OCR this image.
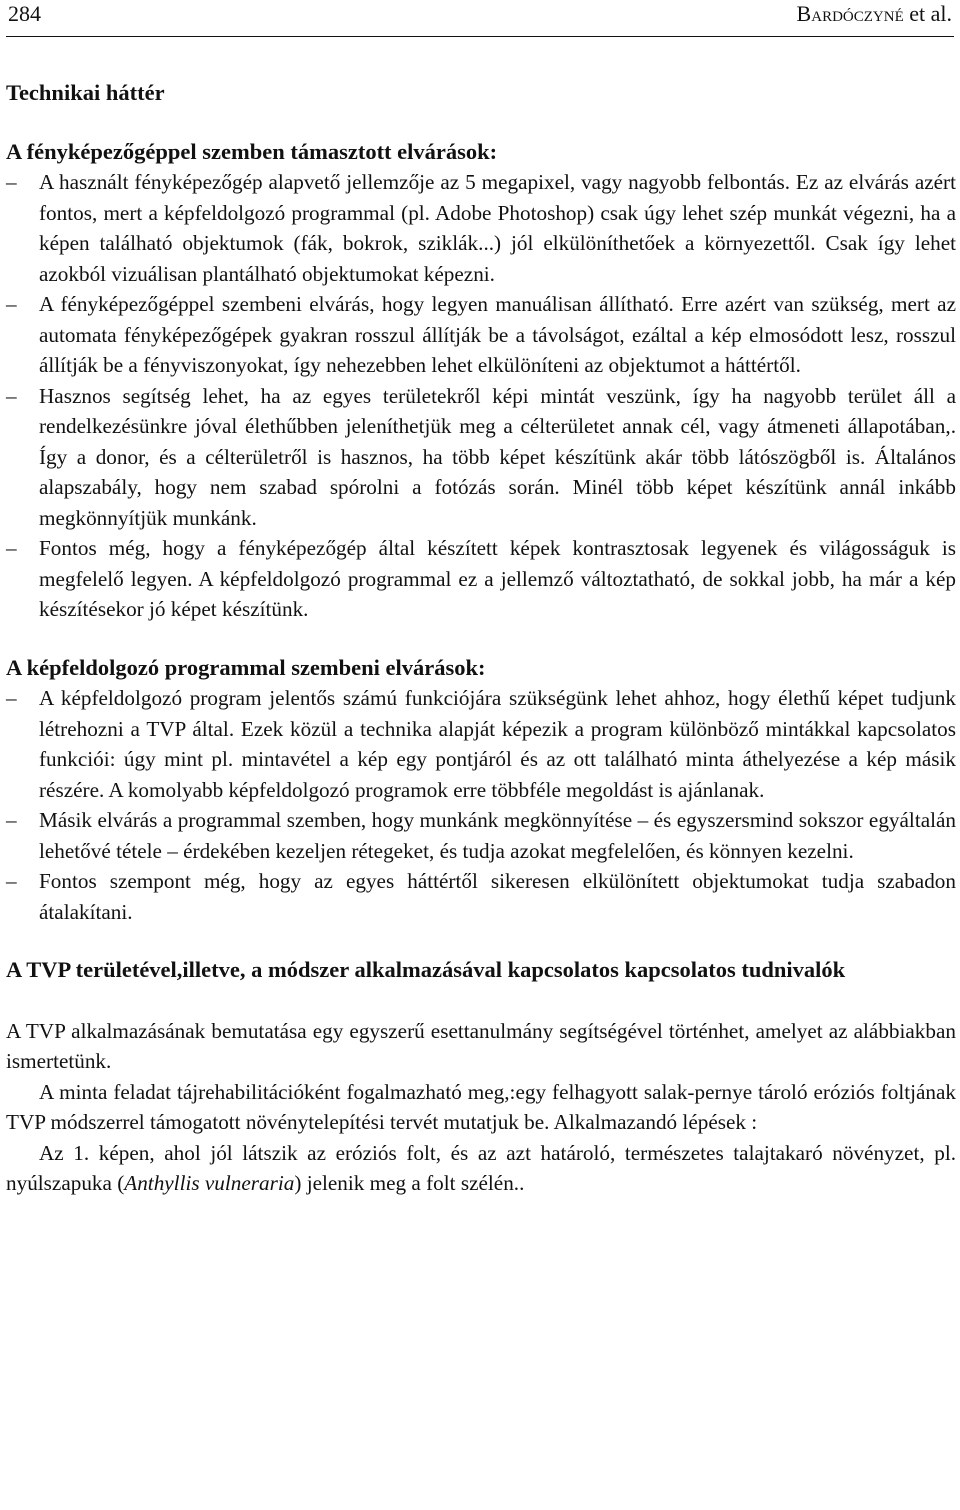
284	Bardóczyné et al.
Technikai háttér
A fényképezőgéppel szemben támasztott elvárások:
– A használt fényképezőgép alapvető jellemzője az 5 megapixel, vagy nagyobb felbontás. Ez az elvárás azért fontos, mert a képfeldolgozó programmal (pl. Adobe Photoshop) csak úgy lehet szép munkát végezni, ha a képen található objektumok (fák, bokrok, sziklák...) jól elkülöníthetőek a környezettől. Csak így lehet azokból vizuálisan plantálható objektumokat képezni.
– A fényképezőgéppel szembeni elvárás, hogy legyen manuálisan állítható. Erre azért van szükség, mert az automata fényképezőgépek gyakran rosszul állítják be a távolságot, ezáltal a kép elmosódott lesz, rosszul állítják be a fényviszonyokat, így nehezebben lehet elkülöníteni az objektumot a háttértől.
– Hasznos segítség lehet, ha az egyes területekről képi mintát veszünk, így ha nagyobb terület áll a rendelkezésünkre jóval élethűbben jeleníthetjük meg a célterületet annak cél, vagy átmeneti állapotában,. Így a donor, és a célterületről is hasznos, ha több képet készítünk akár több látószögből is. Általános alapszabály, hogy nem szabad spórolni a fotózás során. Minél több képet készítünk annál inkább megkönnyítjük munkánk.
– Fontos még, hogy a fényképezőgép által készített képek kontrasztosak legyenek és világosságuk is megfelelő legyen. A képfeldolgozó programmal ez a jellemző változtatható, de sokkal jobb, ha már a kép készítésekor jó képet készítünk.
A képfeldolgozó programmal szembeni elvárások:
– A képfeldolgozó program jelentős számú funkciójára szükségünk lehet ahhoz, hogy élethű képet tudjunk létrehozni a TVP által. Ezek közül a technika alapját képezik a program különböző mintákkal kapcsolatos funkciói: úgy mint pl. mintavétel a kép egy pontjáról és az ott található minta áthelyezése a kép másik részére. A komolyabb képfeldolgozó programok erre többféle megoldást is ajánlanak.
– Másik elvárás a programmal szemben, hogy munkánk megkönnyítése – és egyszersmind sokszor egyáltalán lehetővé tétele – érdekében kezeljen rétegeket, és tudja azokat megfelelően, és könnyen kezelni.
– Fontos szempont még, hogy az egyes háttértől sikeresen elkülönített objektumokat tudja szabadon átalakítani.
A TVP területével,illetve, a módszer alkalmazásával kapcsolatos kapcsolatos tudnivalók

A TVP alkalmazásának bemutatása egy egyszerű esettanulmány segítségével történhet, amelyet az alábbiakban ismertetünk.

A minta feladat tájrehabilitációként fogalmazható meg,:egy felhagyott salak-pernye tároló eróziós foltjának TVP módszerrel támogatott növénytelepítési tervét mutatjuk be. Alkalmazandó lépések :

Az 1. képen, ahol jól látszik az eróziós folt, és az azt határoló, természetes talajtakaró növényzet, pl. nyúlszapuka (Anthyllis vulneraria) jelenik meg a folt szélén..
